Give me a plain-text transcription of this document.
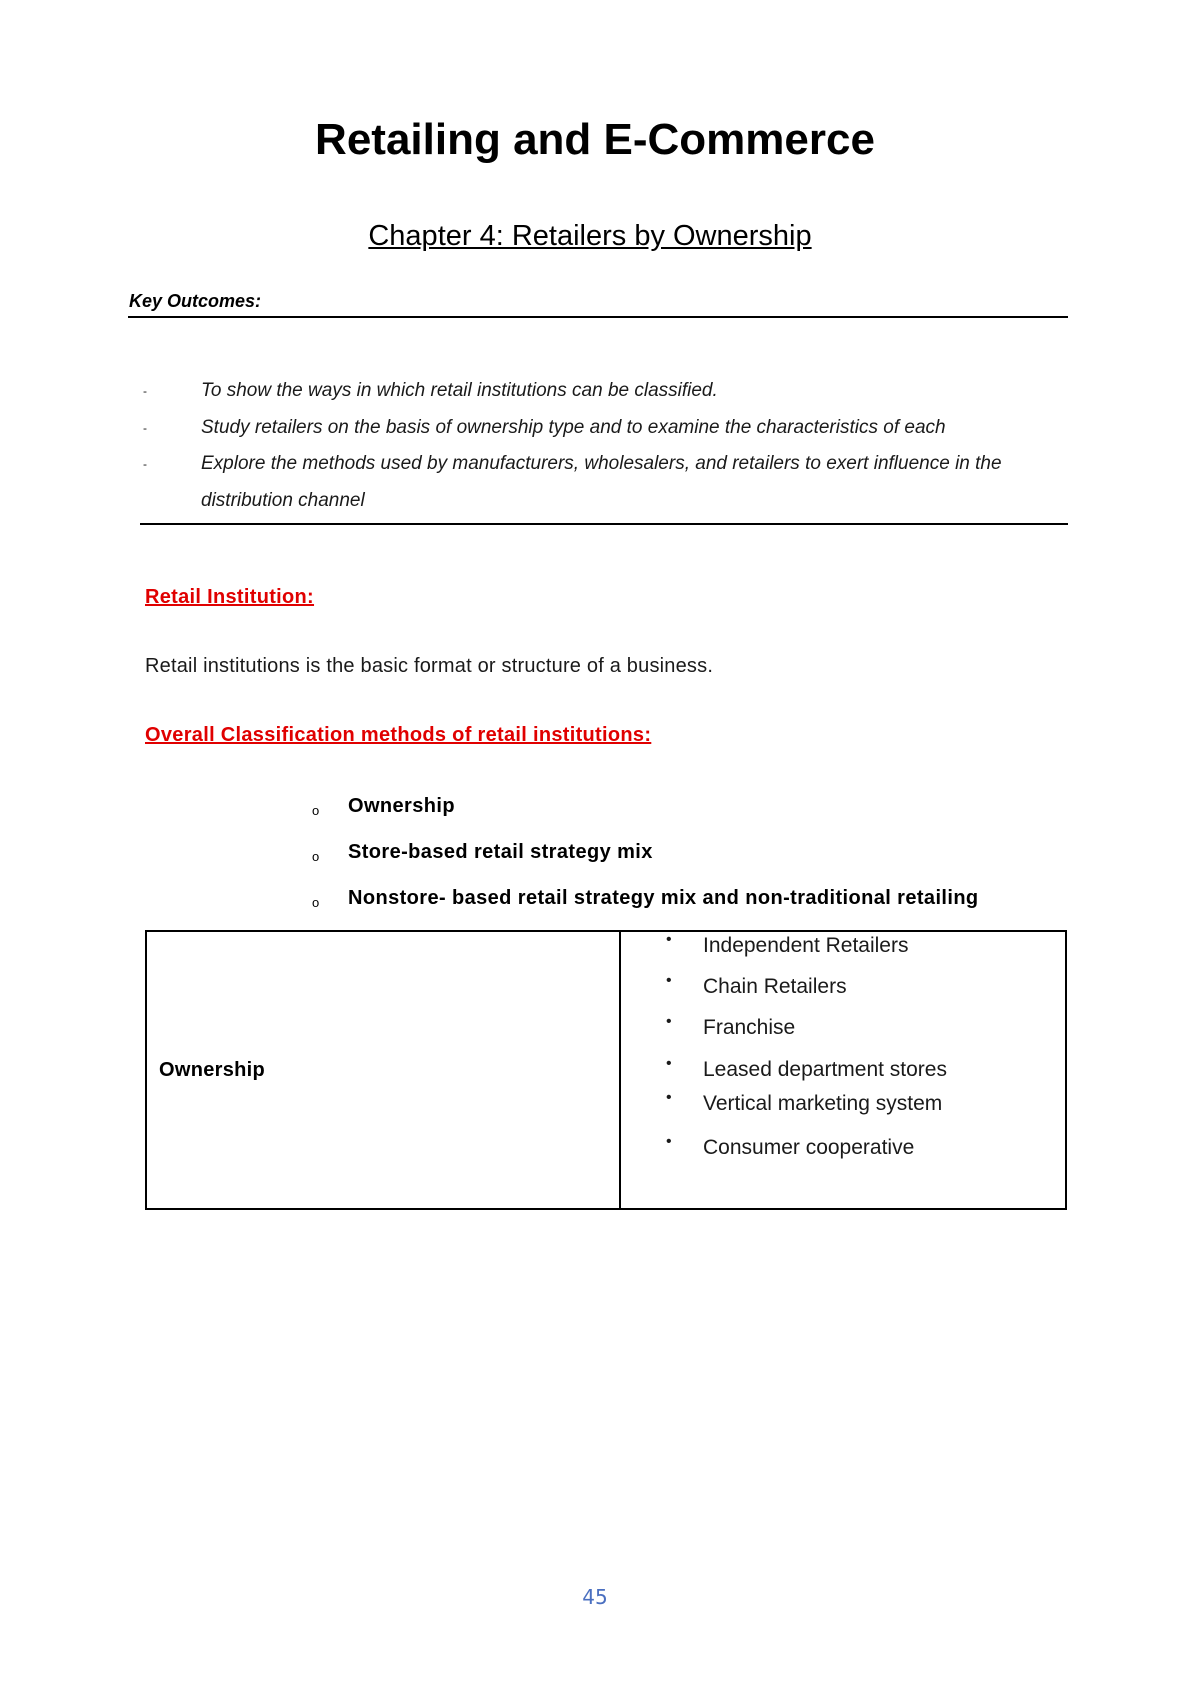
Retailing and E-Commerce
Chapter 4: Retailers by Ownership
Key Outcomes:
-	To show the ways in which retail institutions can be classified.
-	Study retailers on the basis of ownership type and to examine the characteristics of each
-	Explore the methods used by manufacturers, wholesalers, and retailers to exert influence in the distribution channel
Retail Institution:
Retail institutions is the basic format or structure of a business.
Overall Classification methods of retail institutions:
o Ownership
o Store-based retail strategy mix
o Nonstore- based retail strategy mix and non-traditional retailing
Ownership	
• Independent Retailers
• Chain Retailers
• Franchise
• Leased department stores
• Vertical marketing system
• Consumer cooperative
45
